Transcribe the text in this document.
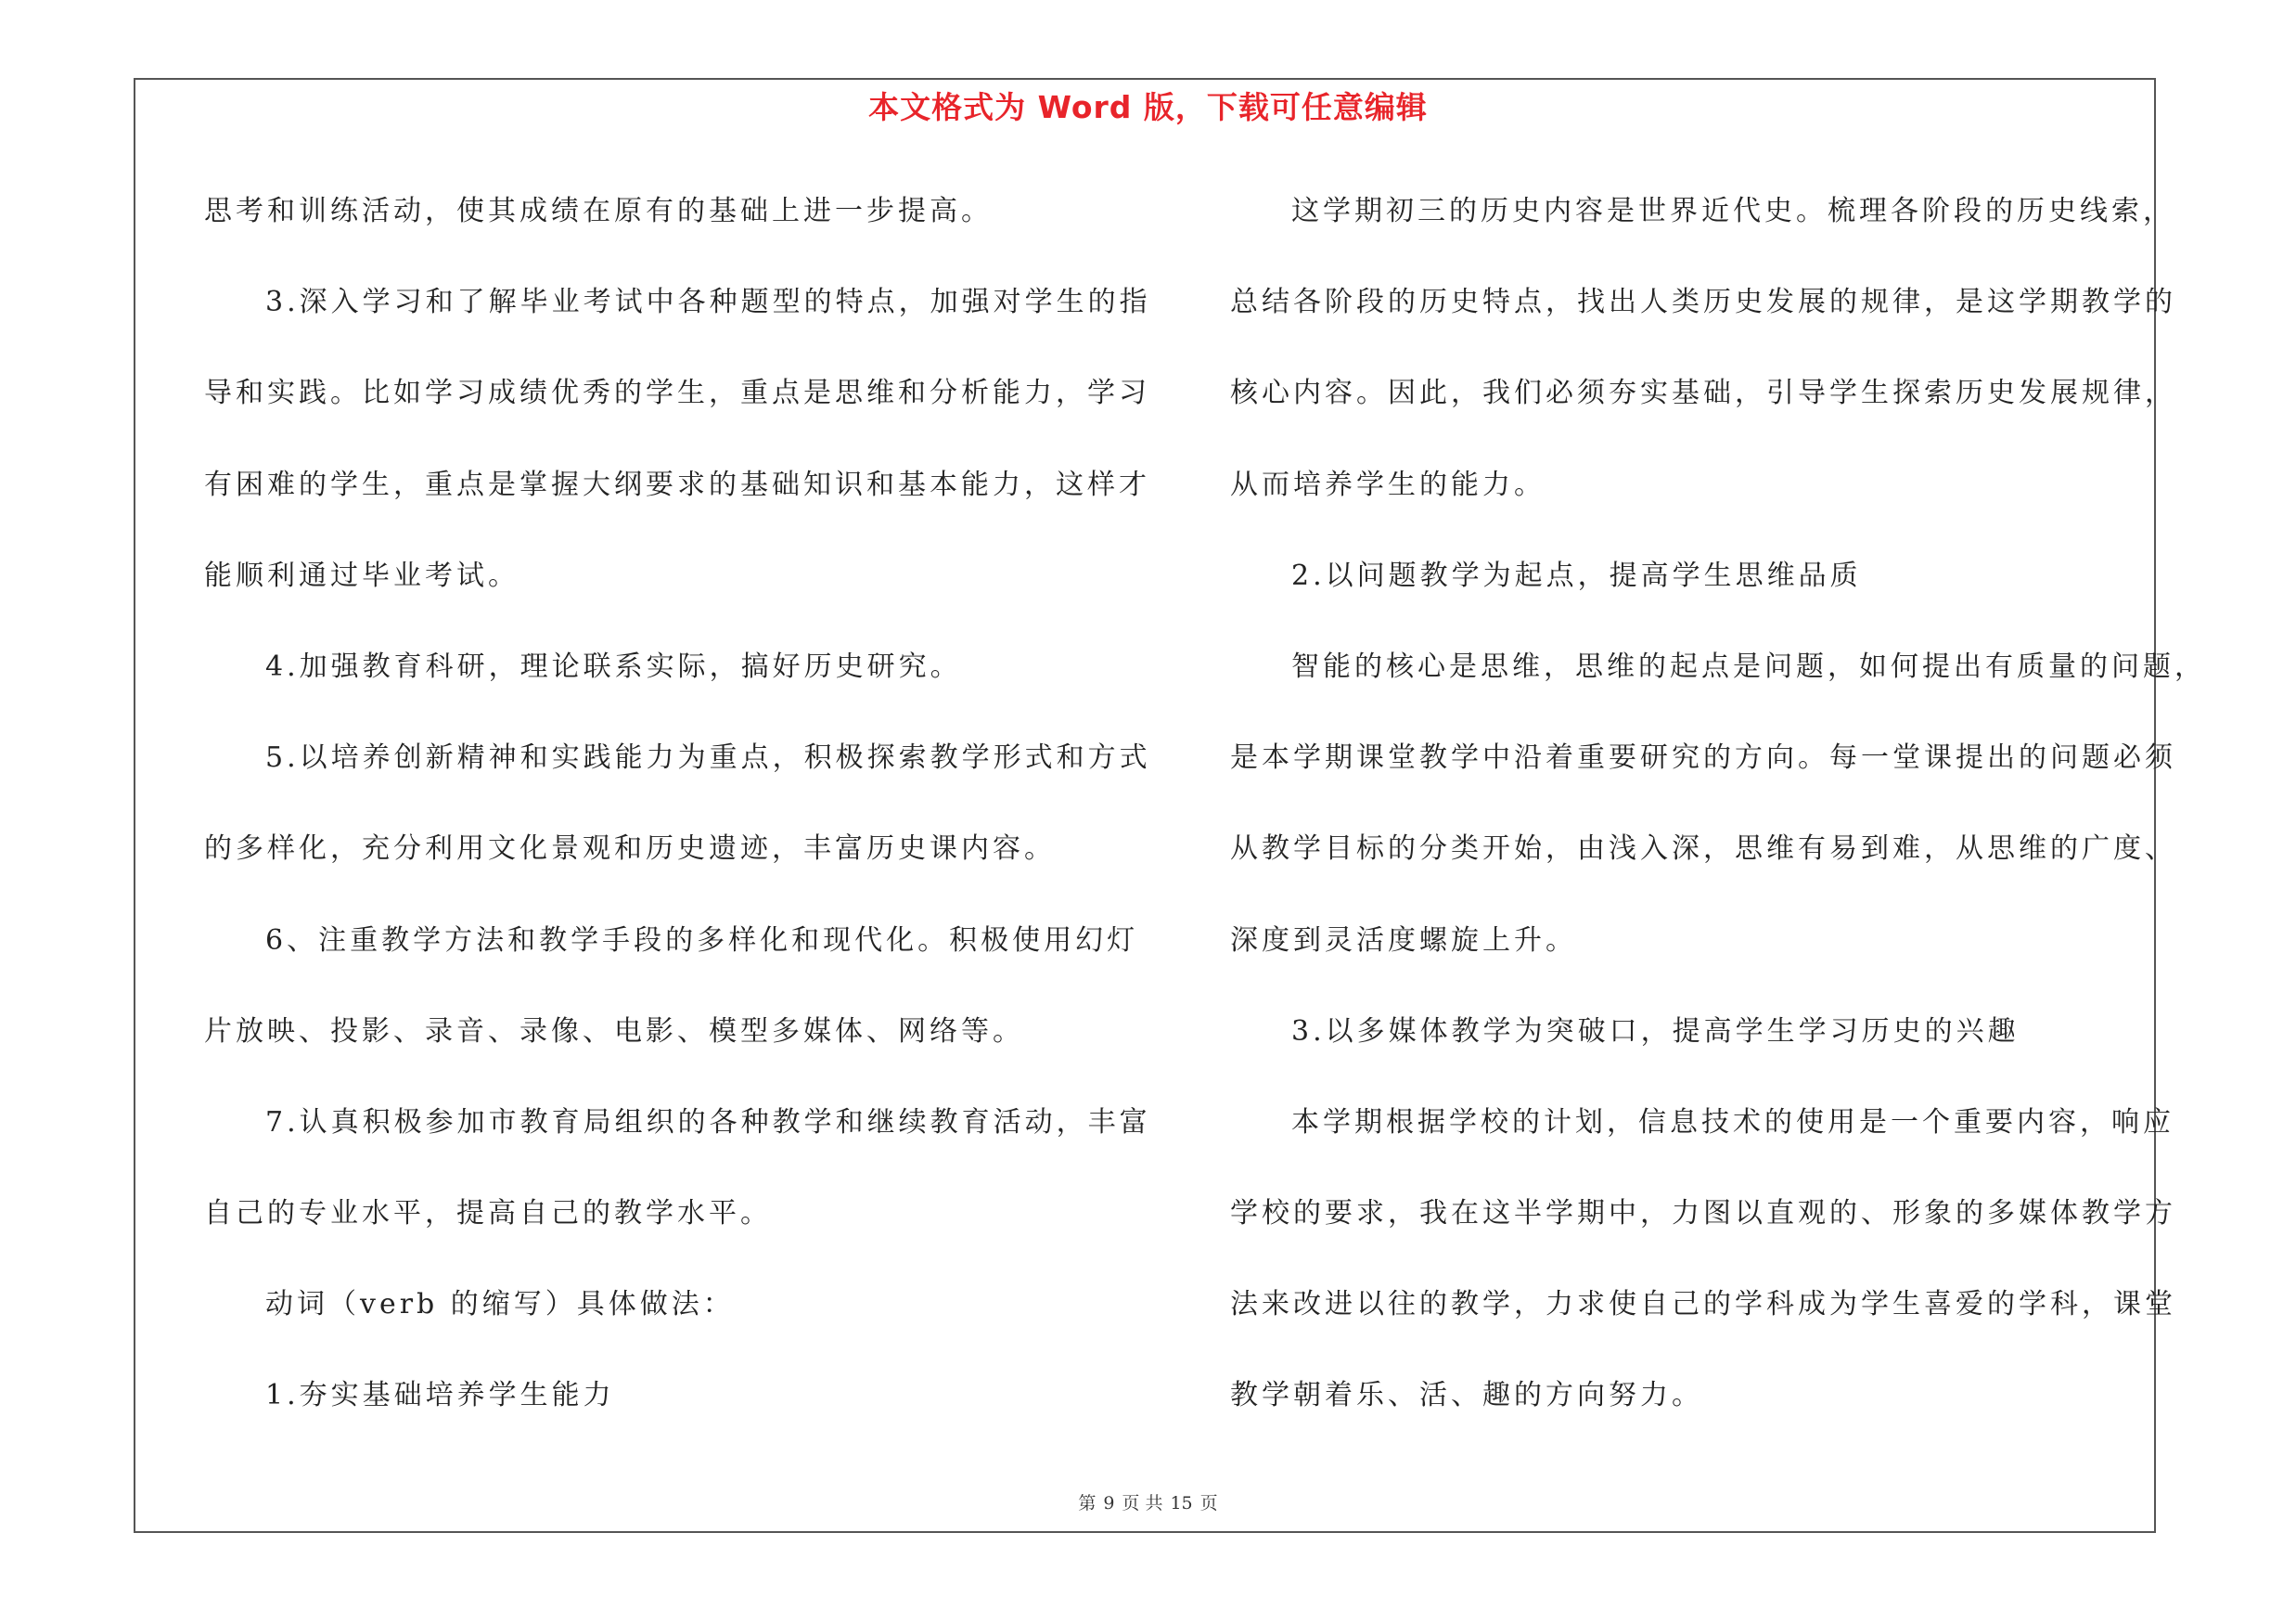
本文格式为 Word 版，下载可任意编辑
思考和训练活动，使其成绩在原有的基础上进一步提高。
3.深入学习和了解毕业考试中各种题型的特点，加强对学生的指
导和实践。比如学习成绩优秀的学生，重点是思维和分析能力，学习
有困难的学生，重点是掌握大纲要求的基础知识和基本能力，这样才
能顺利通过毕业考试。
4.加强教育科研，理论联系实际，搞好历史研究。
5.以培养创新精神和实践能力为重点，积极探索教学形式和方式
的多样化，充分利用文化景观和历史遗迹，丰富历史课内容。
6、注重教学方法和教学手段的多样化和现代化。积极使用幻灯
片放映、投影、录音、录像、电影、模型多媒体、网络等。
7.认真积极参加市教育局组织的各种教学和继续教育活动，丰富
自己的专业水平，提高自己的教学水平。
动词（verb 的缩写）具体做法：
1.夯实基础培养学生能力
这学期初三的历史内容是世界近代史。梳理各阶段的历史线索，
总结各阶段的历史特点，找出人类历史发展的规律，是这学期教学的
核心内容。因此，我们必须夯实基础，引导学生探索历史发展规律，
从而培养学生的能力。
2.以问题教学为起点，提高学生思维品质
智能的核心是思维，思维的起点是问题，如何提出有质量的问题，
是本学期课堂教学中沿着重要研究的方向。每一堂课提出的问题必须
从教学目标的分类开始，由浅入深，思维有易到难，从思维的广度、
深度到灵活度螺旋上升。
3.以多媒体教学为突破口，提高学生学习历史的兴趣
本学期根据学校的计划，信息技术的使用是一个重要内容，响应
学校的要求，我在这半学期中，力图以直观的、形象的多媒体教学方
法来改进以往的教学，力求使自己的学科成为学生喜爱的学科，课堂
教学朝着乐、活、趣的方向努力。
第 9 页 共 15 页
